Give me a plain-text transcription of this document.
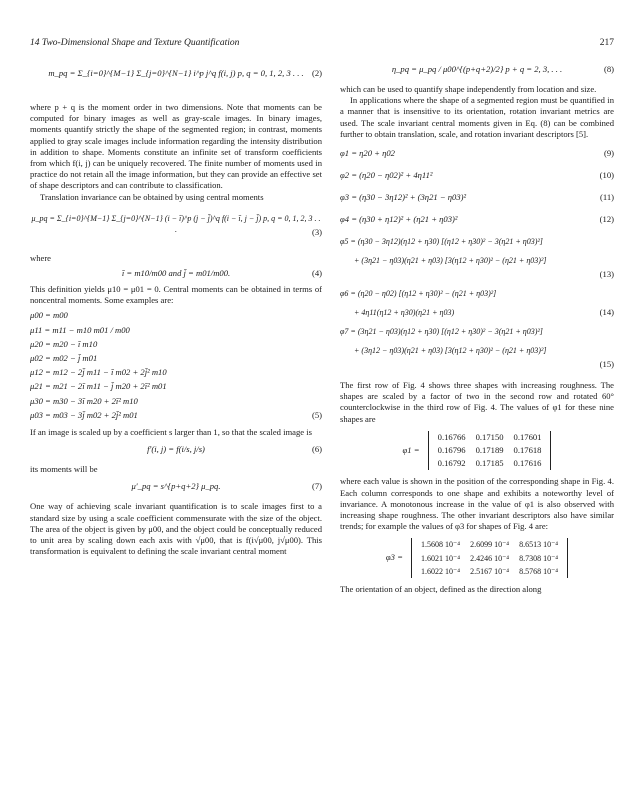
14 Two-Dimensional Shape and Texture Quantification	217
m_pq = Σ_{i=0}^{M−1} Σ_{j=0}^{N−1} i^p j^q f(i, j) p, q = 0, 1, 2, 3 . . . (2)

where p + q is the moment order in two dimensions. Note that moments can be computed for binary images as well as gray-scale images. In binary images, moments quantify strictly the shape of the segmented region; in contrast, moments applied to gray scale images include information regarding the intensity distribution in addition to shape. Moments constitute an infinite set of transform coefficients from which f(i, j) can be uniquely recovered. The finite number of moments used in practice do not retain all the image information, but they can provide an effective set of shape descriptors and can contribute to classification.

Translation invariance can be obtained by using central moments

μ_pq = Σ_{i=0}^{M−1} Σ_{j=0}^{N−1} (i − ī)^p (j − j̄)^q f(i − ī, j − j̄) p, q = 0, 1, 2, 3 . . .	(3)

where

ī = m10/m00 and j̄ = m01/m00.	(4)

This definition yields μ10 = μ01 = 0. Central moments can be obtained in terms of noncentral moments. Some examples are:

μ00 = m00
μ11 = m11 − m10 m01 / m00
μ20 = m20 − ī m10
μ02 = m02 − j̄ m01
μ12 = m12 − 2j̄ m11 − ī m02 + 2j̄² m10
μ21 = m21 − 2ī m11 − j̄ m20 + 2ī² m01
μ30 = m30 − 3ī m20 + 2ī² m10
μ03 = m03 − 3j̄ m02 + 2j̄² m01	(5)

If an image is scaled up by a coefficient s larger than 1, so that the scaled image is

f′(i, j) = f(i/s, j/s)	(6)

its moments will be

μ′_pq = s^{p+q+2} μ_pq.	(7)

One way of achieving scale invariant quantification is to scale images first to a standard size by using a scale coefficient commensurate with the size of the object. The area of the object is given by μ00, and the object could be conceptually reduced to unit area by scaling down each axis with √μ00, that is f(i√μ00, j√μ00). This transformation is equivalent to defining the scale invariant central moment

η_pq = μ_pq / μ00^{(p+q+2)/2} p + q = 2, 3, . . .	(8)

which can be used to quantify shape independently from location and size.

In applications where the shape of a segmented region must be quantified in a manner that is insensitive to its orientation, rotation invariant metrics are used. The scale invariant central moments given in Eq. (8) can be combined further to obtain translation, scale, and rotation invariant descriptors [5].

φ1 = η20 + η02	(9)
φ2 = (η20 − η02)² + 4η11²	(10)
φ3 = (η30 − 3η12)² + (3η21 − η03)²	(11)
φ4 = (η30 + η12)² + (η21 + η03)²	(12)
φ5 = (η30 − 3η12)(η12 + η30) [(η12 + η30)² − 3(η21 + η03)²]
+ (3η21 − η03)(η21 + η03) [3(η12 + η30)² − (η21 + η03)²]
(13)
φ6 = (η20 − η02) [(η12 + η30)² − (η21 + η03)²]
+ 4η11(η12 + η30)(η21 + η03)	(14)
φ7 = (3η21 − η03)(η12 + η30) [(η12 + η30)² − 3(η21 + η03)²]
+ (3η12 − η03)(η21 + η03) [3(η12 + η30)² − (η21 + η03)²]
(15)

The first row of Fig. 4 shows three shapes with increasing roughness. The shapes are scaled by a factor of two in the second row and rotated 60° counterclockwise in the third row of Fig. 4. The values of φ1 for these nine shapes are

φ1 =
0.16766	0.17150	0.17601
0.16796	0.17189	0.17618
0.16792	0.17185	0.17616

where each value is shown in the position of the corresponding shape in Fig. 4. Each column corresponds to one shape and exhibits a noteworthy level of invariance. A monotonous increase in the value of φ1 is also observed with increasing shape roughness. The other invariant descriptors also have similar trends; for example the values of φ3 for shapes of Fig. 4 are:

φ3 =
1.5608 10⁻⁴	2.6099 10⁻⁴	8.6513 10⁻⁴
1.6021 10⁻⁴	2.4246 10⁻⁴	8.7308 10⁻⁴
1.6022 10⁻⁴	2.5167 10⁻⁴	8.5768 10⁻⁴

The orientation of an object, defined as the direction along
